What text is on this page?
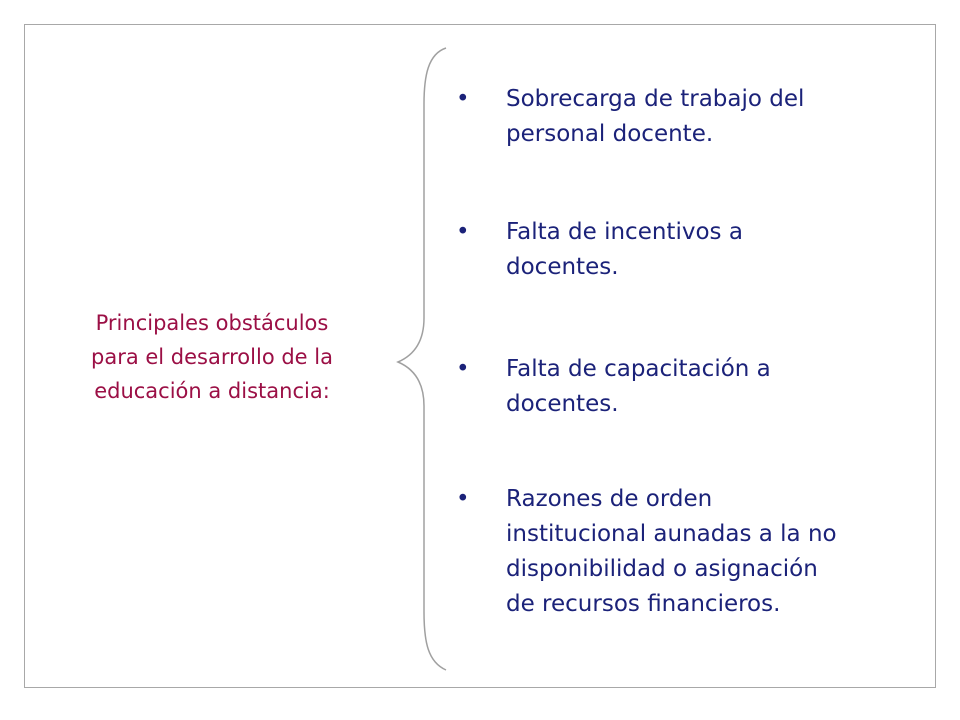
Principales obstáculos
para el desarrollo de la
educación a distancia:
• Sobrecarga de trabajo del
personal docente.
• Falta de incentivos a
docentes.
• Falta de capacitación a
docentes.
• Razones de orden
institucional aunadas a la no
disponibilidad o asignación
de recursos financieros.
